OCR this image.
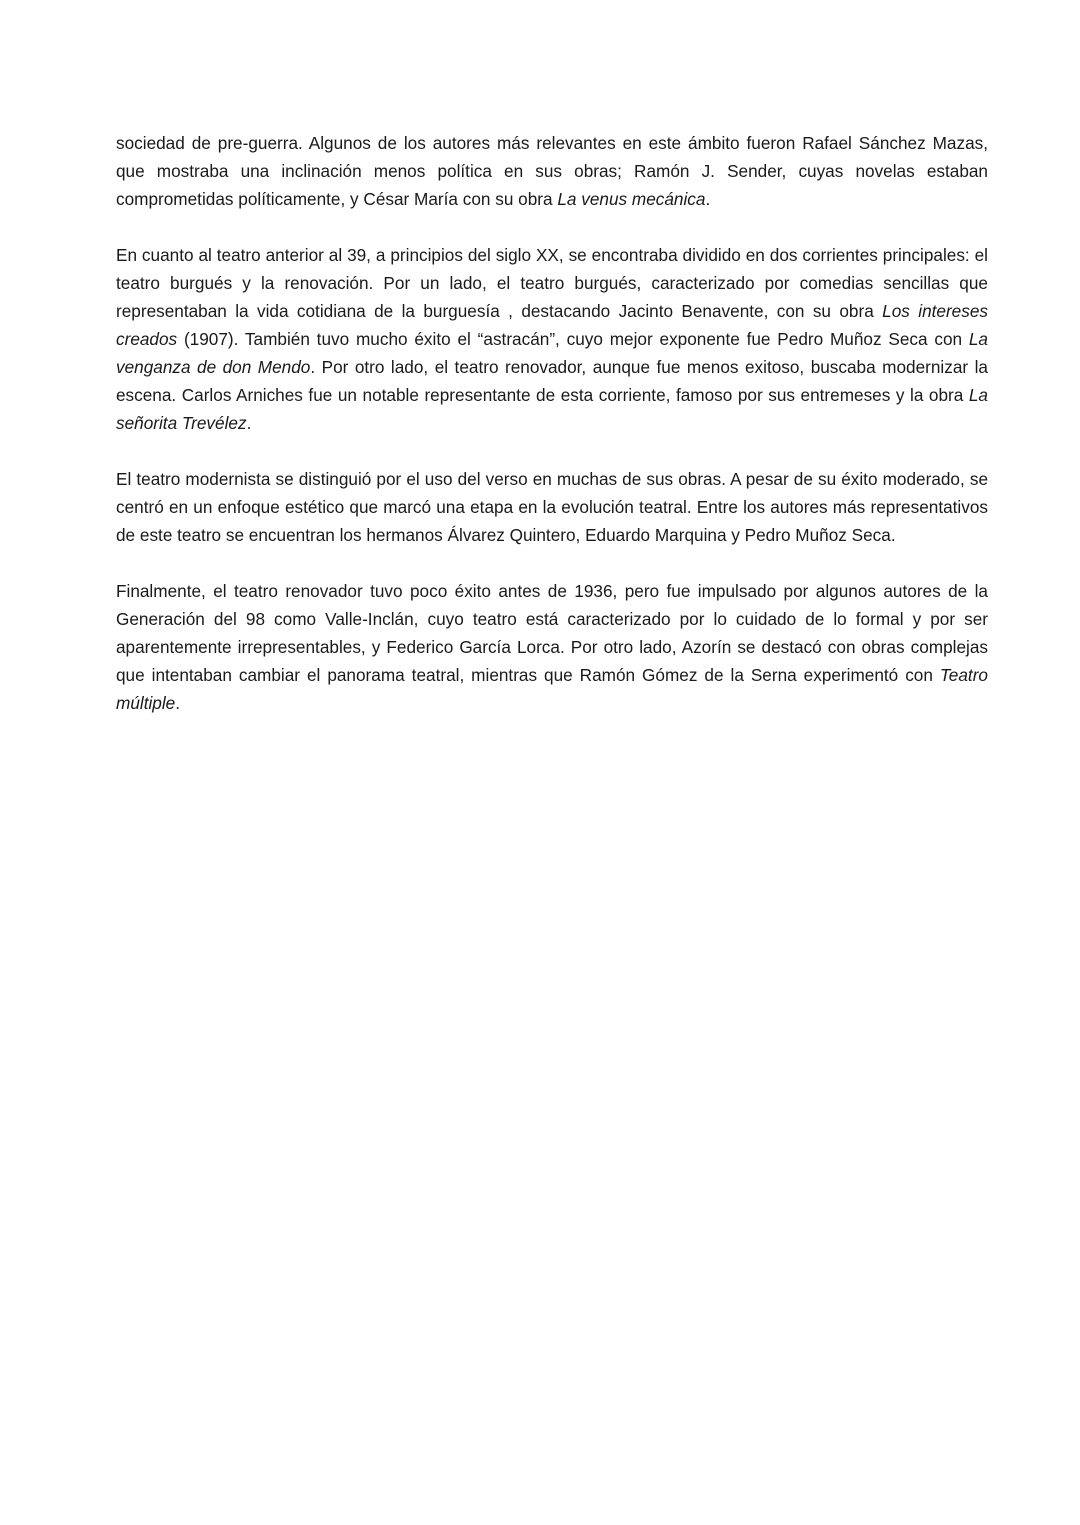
sociedad de pre-guerra. Algunos de los autores más relevantes en este ámbito fueron Rafael Sánchez Mazas, que mostraba una inclinación menos política en sus obras; Ramón J. Sender, cuyas novelas estaban comprometidas políticamente, y César María con su obra La venus mecánica.

En cuanto al teatro anterior al 39, a principios del siglo XX, se encontraba dividido en dos corrientes principales: el teatro burgués y la renovación. Por un lado, el teatro burgués, caracterizado por comedias sencillas que representaban la vida cotidiana de la burguesía , destacando Jacinto Benavente, con su obra Los intereses creados (1907). También tuvo mucho éxito el “astracán”, cuyo mejor exponente fue Pedro Muñoz Seca con La venganza de don Mendo. Por otro lado, el teatro renovador, aunque fue menos exitoso, buscaba modernizar la escena. Carlos Arniches fue un notable representante de esta corriente, famoso por sus entremeses y la obra La señorita Trevélez.

El teatro modernista se distinguió por el uso del verso en muchas de sus obras. A pesar de su éxito moderado, se centró en un enfoque estético que marcó una etapa en la evolución teatral. Entre los autores más representativos de este teatro se encuentran los hermanos Álvarez Quintero, Eduardo Marquina y Pedro Muñoz Seca.

Finalmente, el teatro renovador tuvo poco éxito antes de 1936, pero fue impulsado por algunos autores de la Generación del 98 como Valle-Inclán, cuyo teatro está caracterizado por lo cuidado de lo formal y por ser aparentemente irrepresentables, y Federico García Lorca. Por otro lado, Azorín se destacó con obras complejas que intentaban cambiar el panorama teatral, mientras que Ramón Gómez de la Serna experimentó con Teatro múltiple.
